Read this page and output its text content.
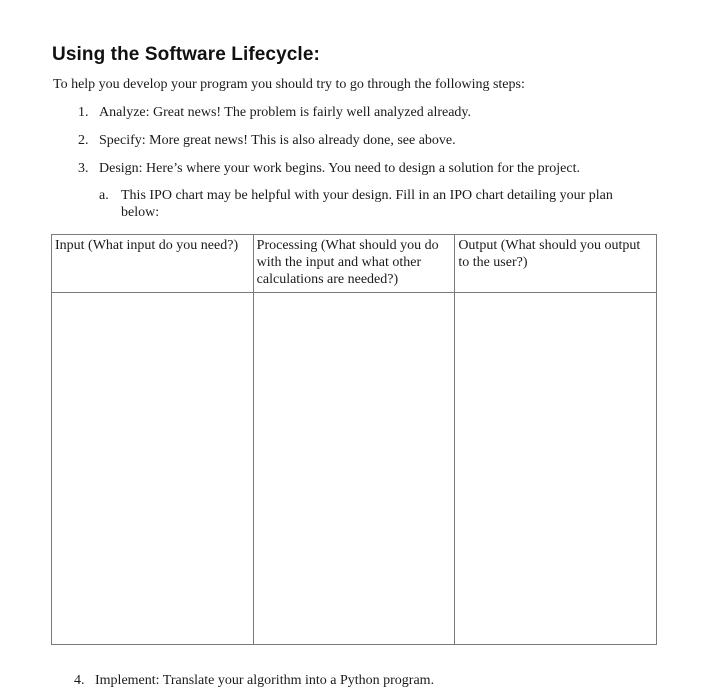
Using the Software Lifecycle:
To help you develop your program you should try to go through the following steps:
1. Analyze: Great news! The problem is fairly well analyzed already.
2. Specify: More great news! This is also already done, see above.
3. Design: Here’s where your work begins. You need to design a solution for the project.
a. This IPO chart may be helpful with your design. Fill in an IPO chart detailing your plan below:
Input (What input do you need?)	Processing (What should you do with the input and what other calculations are needed?)	Output (What should you output to the user?)

4. Implement: Translate your algorithm into a Python program.
